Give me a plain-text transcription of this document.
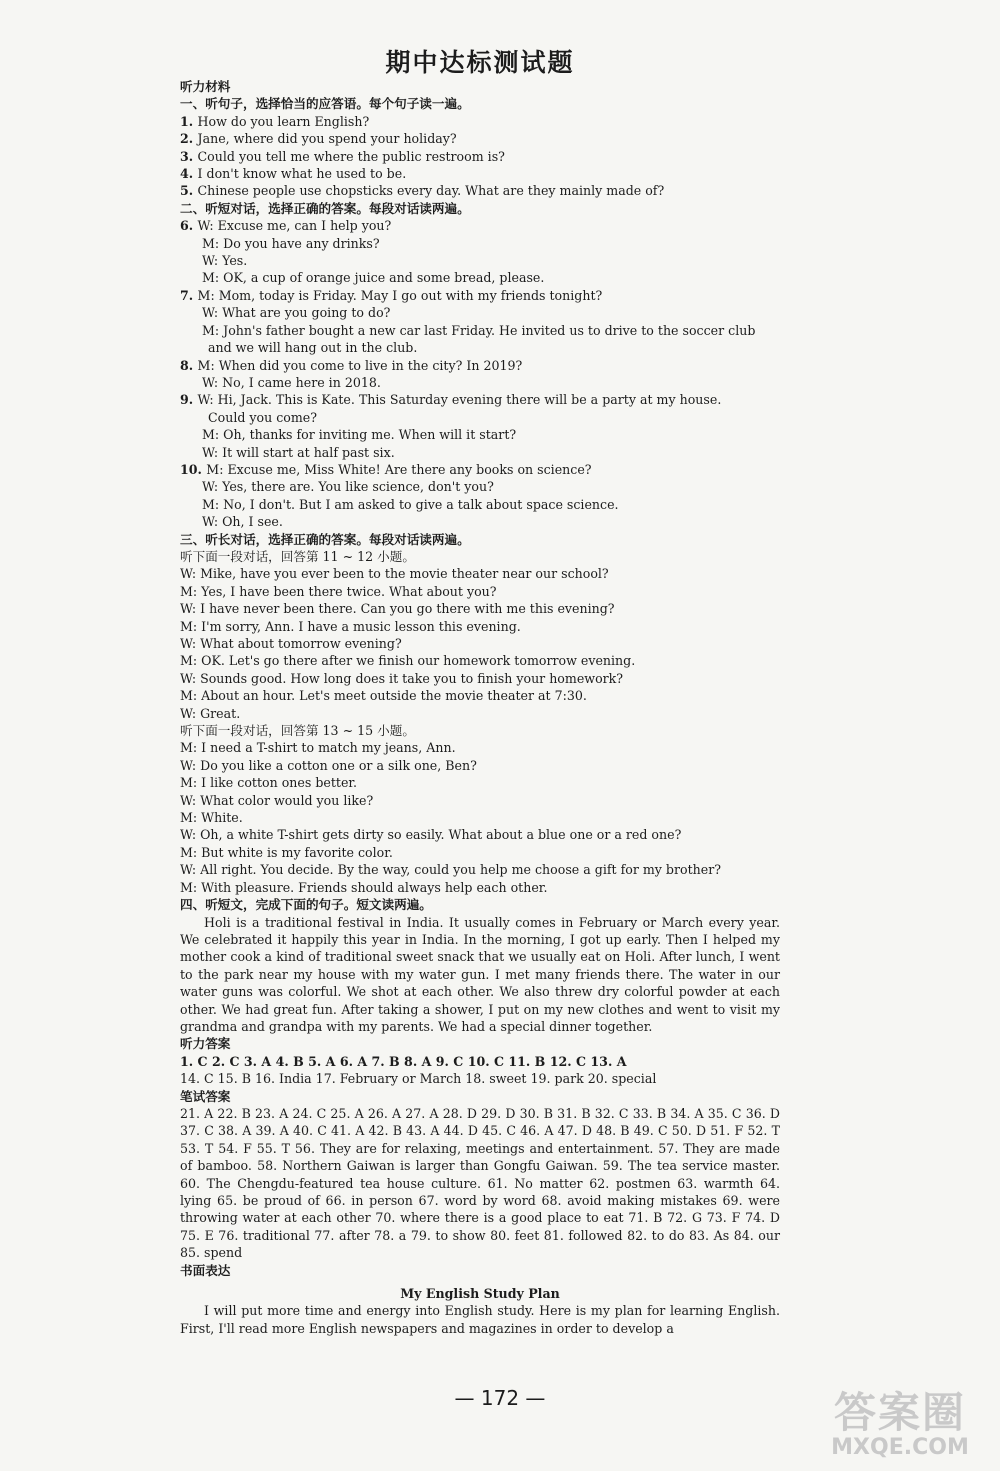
期中达标测试题
听力材料
一、听句子，选择恰当的应答语。每个句子读一遍。
1. How do you learn English?
2. Jane, where did you spend your holiday?
3. Could you tell me where the public restroom is?
4. I don't know what he used to be.
5. Chinese people use chopsticks every day. What are they mainly made of?
二、听短对话，选择正确的答案。每段对话读两遍。
6. W: Excuse me, can I help you?
M: Do you have any drinks?
W: Yes.
M: OK, a cup of orange juice and some bread, please.
7. M: Mom, today is Friday. May I go out with my friends tonight?
W: What are you going to do?
M: John's father bought a new car last Friday. He invited us to drive to the soccer club
and we will hang out in the club.
8. M: When did you come to live in the city? In 2019?
W: No, I came here in 2018.
9. W: Hi, Jack. This is Kate. This Saturday evening there will be a party at my house.
Could you come?
M: Oh, thanks for inviting me. When will it start?
W: It will start at half past six.
10. M: Excuse me, Miss White! Are there any books on science?
W: Yes, there are. You like science, don't you?
M: No, I don't. But I am asked to give a talk about space science.
W: Oh, I see.
三、听长对话，选择正确的答案。每段对话读两遍。
听下面一段对话，回答第 11 ~ 12 小题。
W: Mike, have you ever been to the movie theater near our school?
M: Yes, I have been there twice. What about you?
W: I have never been there. Can you go there with me this evening?
M: I'm sorry, Ann. I have a music lesson this evening.
W: What about tomorrow evening?
M: OK. Let's go there after we finish our homework tomorrow evening.
W: Sounds good. How long does it take you to finish your homework?
M: About an hour. Let's meet outside the movie theater at 7:30.
W: Great.
听下面一段对话，回答第 13 ~ 15 小题。
M: I need a T-shirt to match my jeans, Ann.
W: Do you like a cotton one or a silk one, Ben?
M: I like cotton ones better.
W: What color would you like?
M: White.
W: Oh, a white T-shirt gets dirty so easily. What about a blue one or a red one?
M: But white is my favorite color.
W: All right. You decide. By the way, could you help me choose a gift for my brother?
M: With pleasure. Friends should always help each other.
四、听短文，完成下面的句子。短文读两遍。
Holi is a traditional festival in India. It usually comes in February or March every year. We celebrated it happily this year in India. In the morning, I got up early. Then I helped my mother cook a kind of traditional sweet snack that we usually eat on Holi. After lunch, I went to the park near my house with my water gun. I met many friends there. The water in our water guns was colorful. We shot at each other. We also threw dry colorful powder at each other. We had great fun. After taking a shower, I put on my new clothes and went to visit my grandma and grandpa with my parents. We had a special dinner together.
听力答案
1. C 2. C 3. A 4. B 5. A 6. A 7. B 8. A 9. C 10. C 11. B 12. C 13. A
14. C 15. B 16. India 17. February or March 18. sweet 19. park 20. special
笔试答案
21. A 22. B 23. A 24. C 25. A 26. A 27. A 28. D 29. D 30. B 31. B 32. C 33. B 34. A 35. C 36. D 37. C 38. A 39. A 40. C 41. A 42. B 43. A 44. D 45. C 46. A 47. D 48. B 49. C 50. D 51. F 52. T 53. T 54. F 55. T 56. They are for relaxing, meetings and entertainment. 57. They are made of bamboo. 58. Northern Gaiwan is larger than Gongfu Gaiwan. 59. The tea service master. 60. The Chengdu-featured tea house culture. 61. No matter 62. postmen 63. warmth 64. lying 65. be proud of 66. in person 67. word by word 68. avoid making mistakes 69. were throwing water at each other 70. where there is a good place to eat 71. B 72. G 73. F 74. D 75. E 76. traditional 77. after 78. a 79. to show 80. feet 81. followed 82. to do 83. As 84. our 85. spend
书面表达
My English Study Plan
I will put more time and energy into English study. Here is my plan for learning English. First, I'll read more English newspapers and magazines in order to develop a
— 172 —	答案圈
MXQE.COM
